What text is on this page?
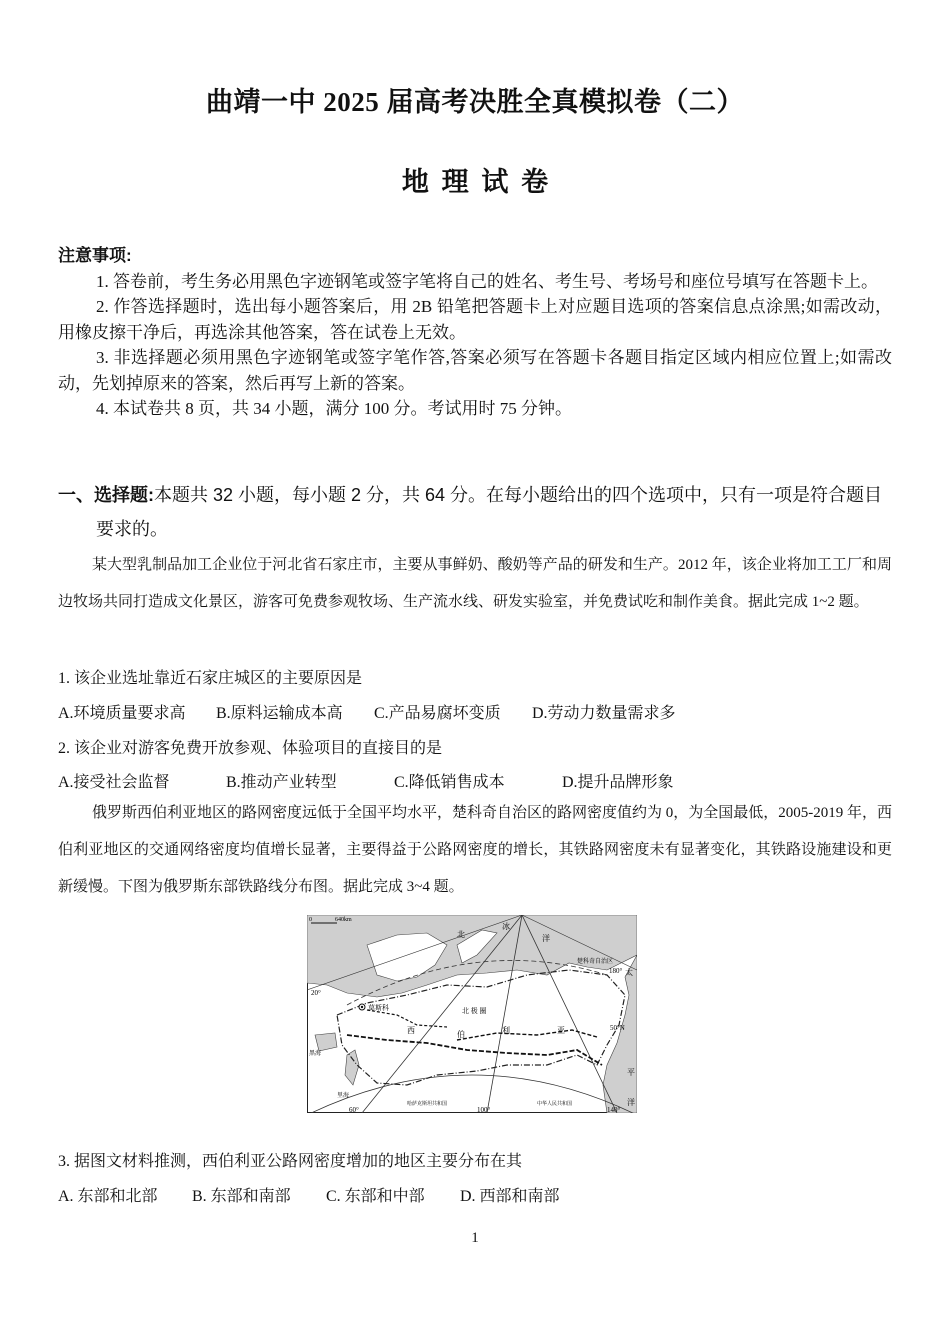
曲靖一中 2025 届高考决胜全真模拟卷（二）
地 理 试 卷
注意事项:

1. 答卷前，考生务必用黑色字迹钢笔或签字笔将自己的姓名、考生号、考场号和座位号填写在答题卡上。

2. 作答选择题时，选出每小题答案后，用 2B 铅笔把答题卡上对应题目选项的答案信息点涂黑;如需改动，用橡皮擦干净后，再选涂其他答案，答在试卷上无效。

3. 非选择题必须用黑色字迹钢笔或签字笔作答,答案必须写在答题卡各题目指定区域内相应位置上;如需改动，先划掉原来的答案，然后再写上新的答案。

4. 本试卷共 8 页，共 34 小题，满分 100 分。考试用时 75 分钟。

一、选择题:本题共 32 小题，每小题 2 分，共 64 分。在每小题给出的四个选项中，只有一项是符合题目要求的。
某大型乳制品加工企业位于河北省石家庄市，主要从事鲜奶、酸奶等产品的研发和生产。2012 年，该企业将加工工厂和周边牧场共同打造成文化景区，游客可免费参观牧场、生产流水线、研发实验室，并免费试吃和制作美食。据此完成 1~2 题。
1. 该企业选址靠近石家庄城区的主要原因是
A.环境质量要求高 B.原料运输成本高 C.产品易腐坏变质 D.劳动力数量需求多
2. 该企业对游客免费开放参观、体验项目的直接目的是
A.接受社会监督	B.推动产业转型	C.降低销售成本	D.提升品牌形象
俄罗斯西伯利亚地区的路网密度远低于全国平均水平，楚科奇自治区的路网密度值约为 0，为全国最低，2005-2019 年，西伯利亚地区的交通网络密度均值增长显著，主要得益于公路网密度的增长，其铁路网密度未有显著变化，其铁路设施建设和更新缓慢。下图为俄罗斯东部铁路线分布图。据此完成 3~4 题。
莫斯科
0	640km
北
冰
洋
太
平
洋
北 极 圈
西	伯	利	亚
楚科奇自治区
黑海
里海
哈萨克斯坦共和国	中华人民共和国
20°
180°
50°N
60°	100°	140°
3. 据图文材料推测，西伯利亚公路网密度增加的地区主要分布在其
A. 东部和北部 B. 东部和南部 C. 东部和中部 D. 西部和南部
1
